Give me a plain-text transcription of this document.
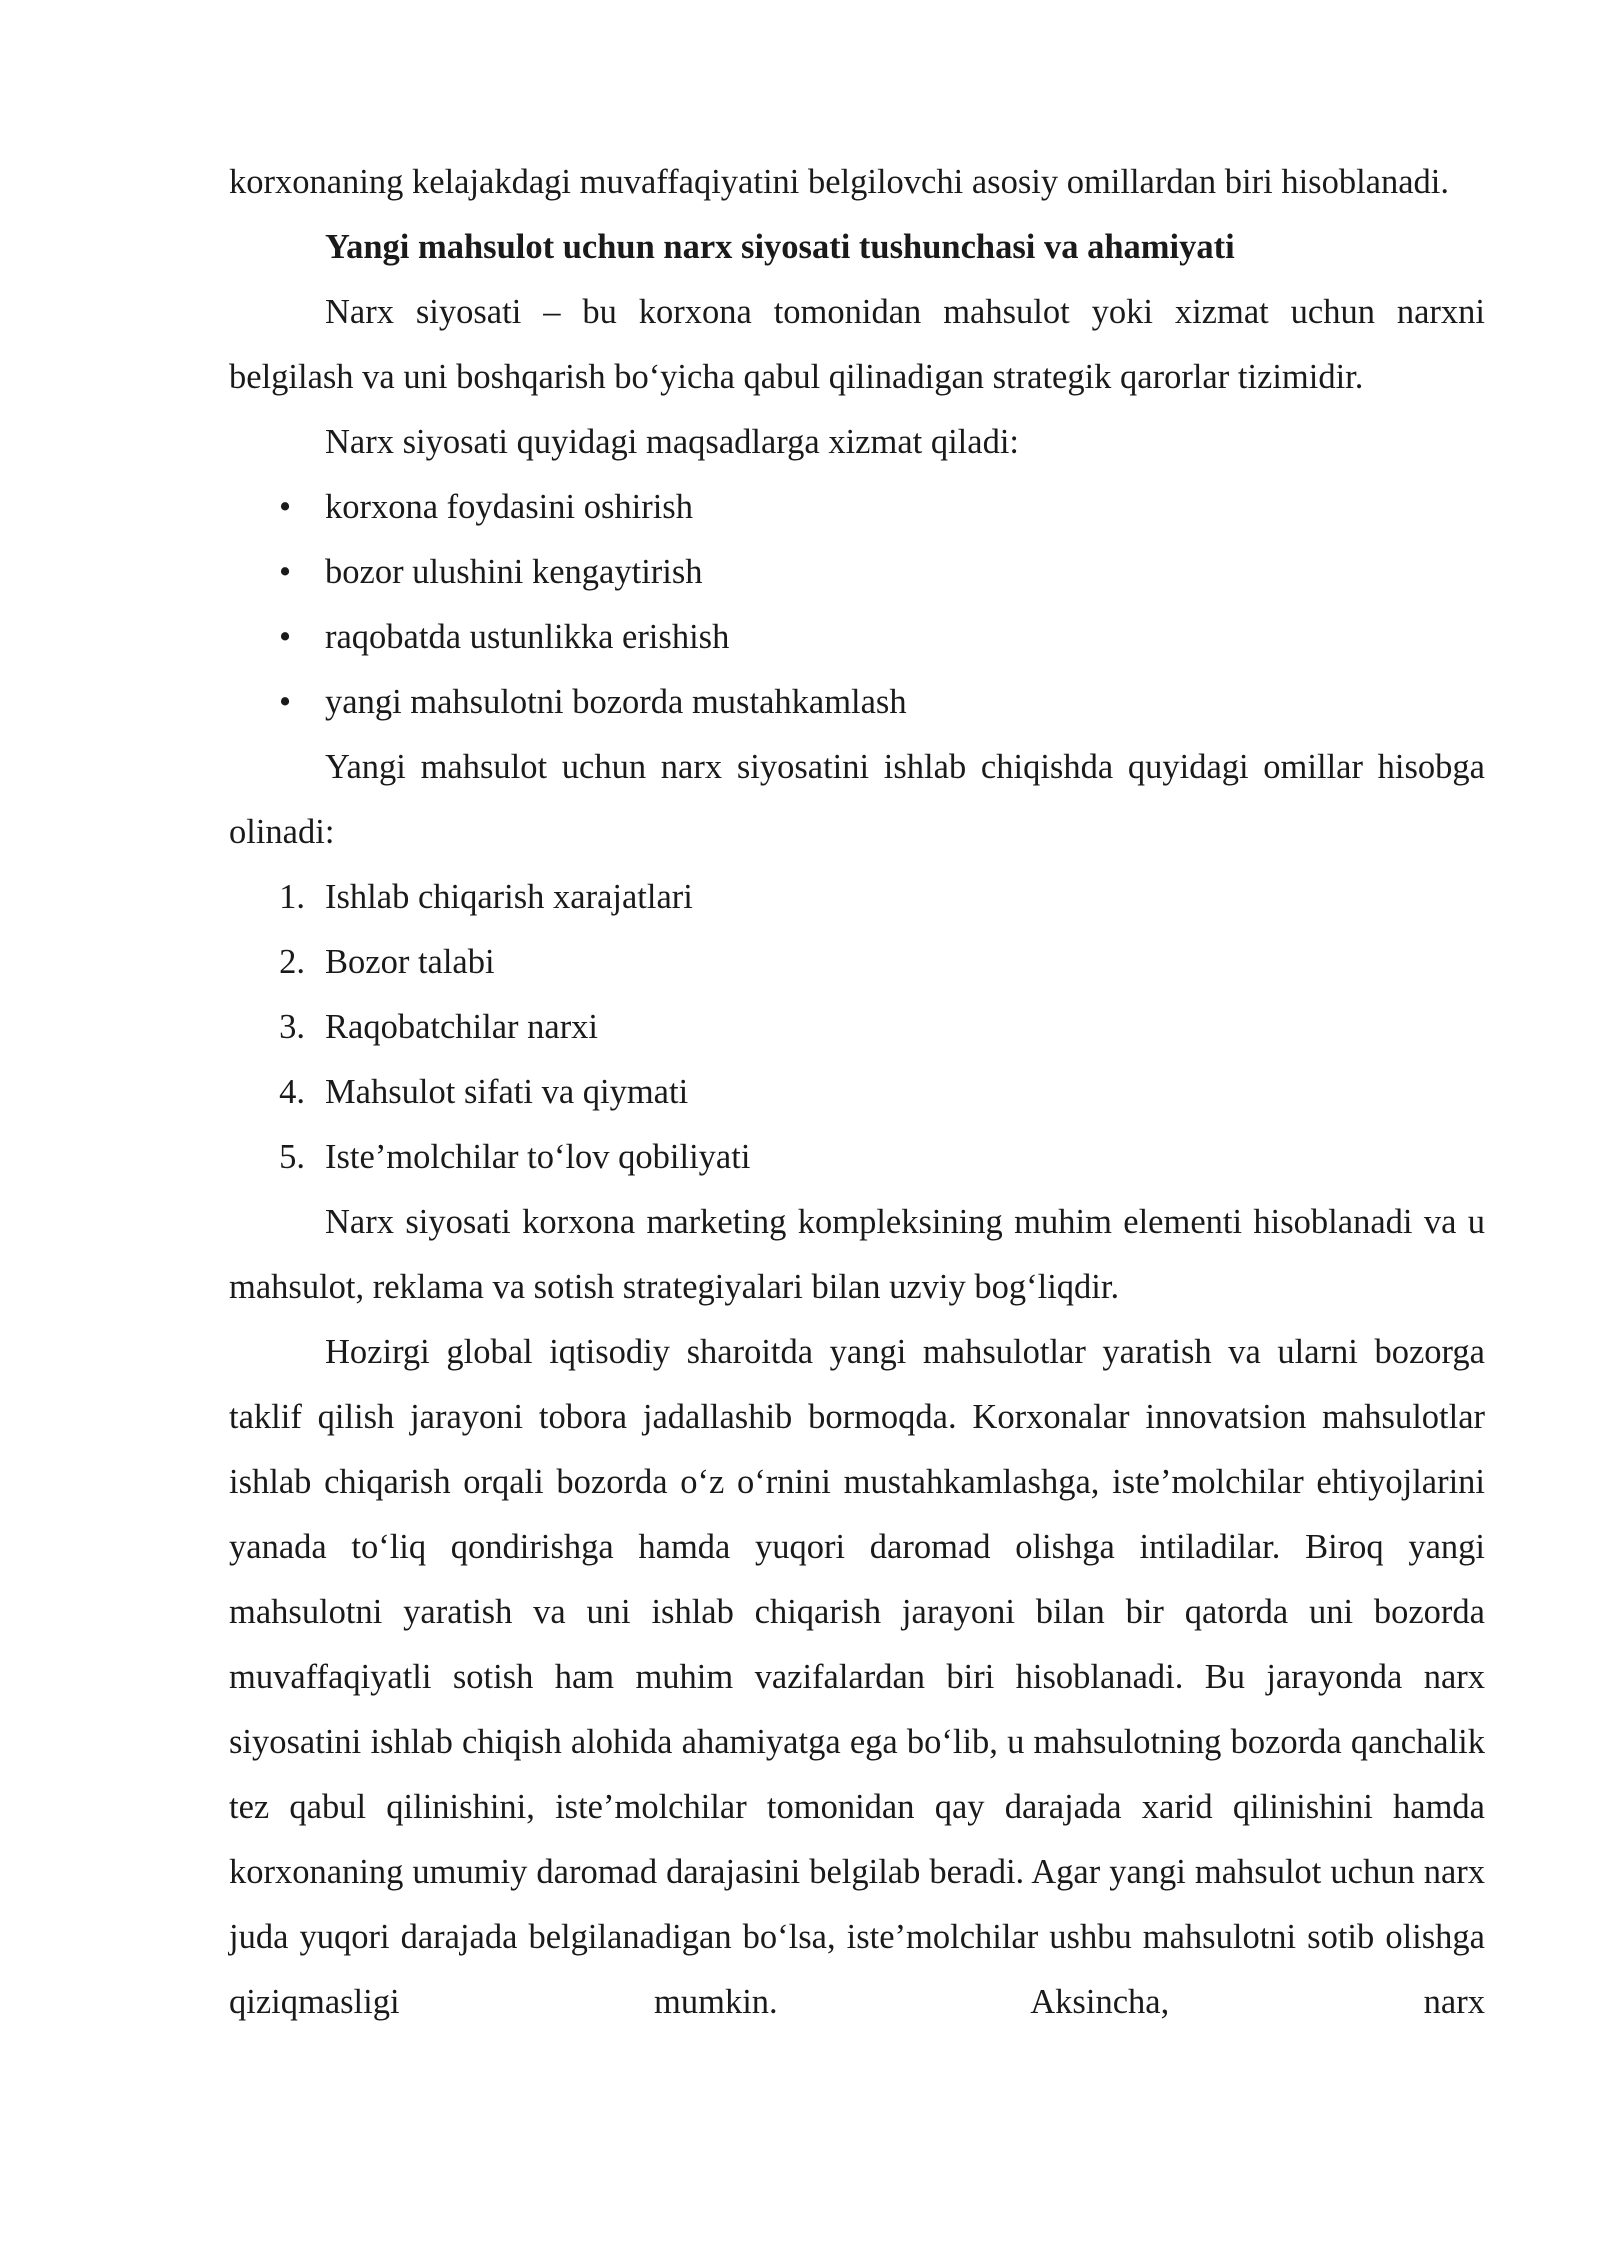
korxonaning kelajakdagi muvaffaqiyatini belgilovchi asosiy omillardan biri hisoblanadi.

Yangi mahsulot uchun narx siyosati tushunchasi va ahamiyati

Narx siyosati – bu korxona tomonidan mahsulot yoki xizmat uchun narxni belgilash va uni boshqarish bo‘yicha qabul qilinadigan strategik qarorlar tizimidir.

Narx siyosati quyidagi maqsadlarga xizmat qiladi:

• korxona foydasini oshirish
• bozor ulushini kengaytirish
• raqobatda ustunlikka erishish
• yangi mahsulotni bozorda mustahkamlash

Yangi mahsulot uchun narx siyosatini ishlab chiqishda quyidagi omillar hisobga olinadi:

1. Ishlab chiqarish xarajatlari
2. Bozor talabi
3. Raqobatchilar narxi
4. Mahsulot sifati va qiymati
5. Iste’molchilar to‘lov qobiliyati

Narx siyosati korxona marketing kompleksining muhim elementi hisoblanadi va u mahsulot, reklama va sotish strategiyalari bilan uzviy bog‘liqdir.

Hozirgi global iqtisodiy sharoitda yangi mahsulotlar yaratish va ularni bozorga taklif qilish jarayoni tobora jadallashib bormoqda. Korxonalar innovatsion mahsulotlar ishlab chiqarish orqali bozorda o‘z o‘rnini mustahkamlashga, iste’molchilar ehtiyojlarini yanada to‘liq qondirishga hamda yuqori daromad olishga intiladilar. Biroq yangi mahsulotni yaratish va uni ishlab chiqarish jarayoni bilan bir qatorda uni bozorda muvaffaqiyatli sotish ham muhim vazifalardan biri hisoblanadi. Bu jarayonda narx siyosatini ishlab chiqish alohida ahamiyatga ega bo‘lib, u mahsulotning bozorda qanchalik tez qabul qilinishini, iste’molchilar tomonidan qay darajada xarid qilinishini hamda korxonaning umumiy daromad darajasini belgilab beradi. Agar yangi mahsulot uchun narx juda yuqori darajada belgilanadigan bo‘lsa, iste’molchilar ushbu mahsulotni sotib olishga qiziqmasligi mumkin. Aksincha, narx
